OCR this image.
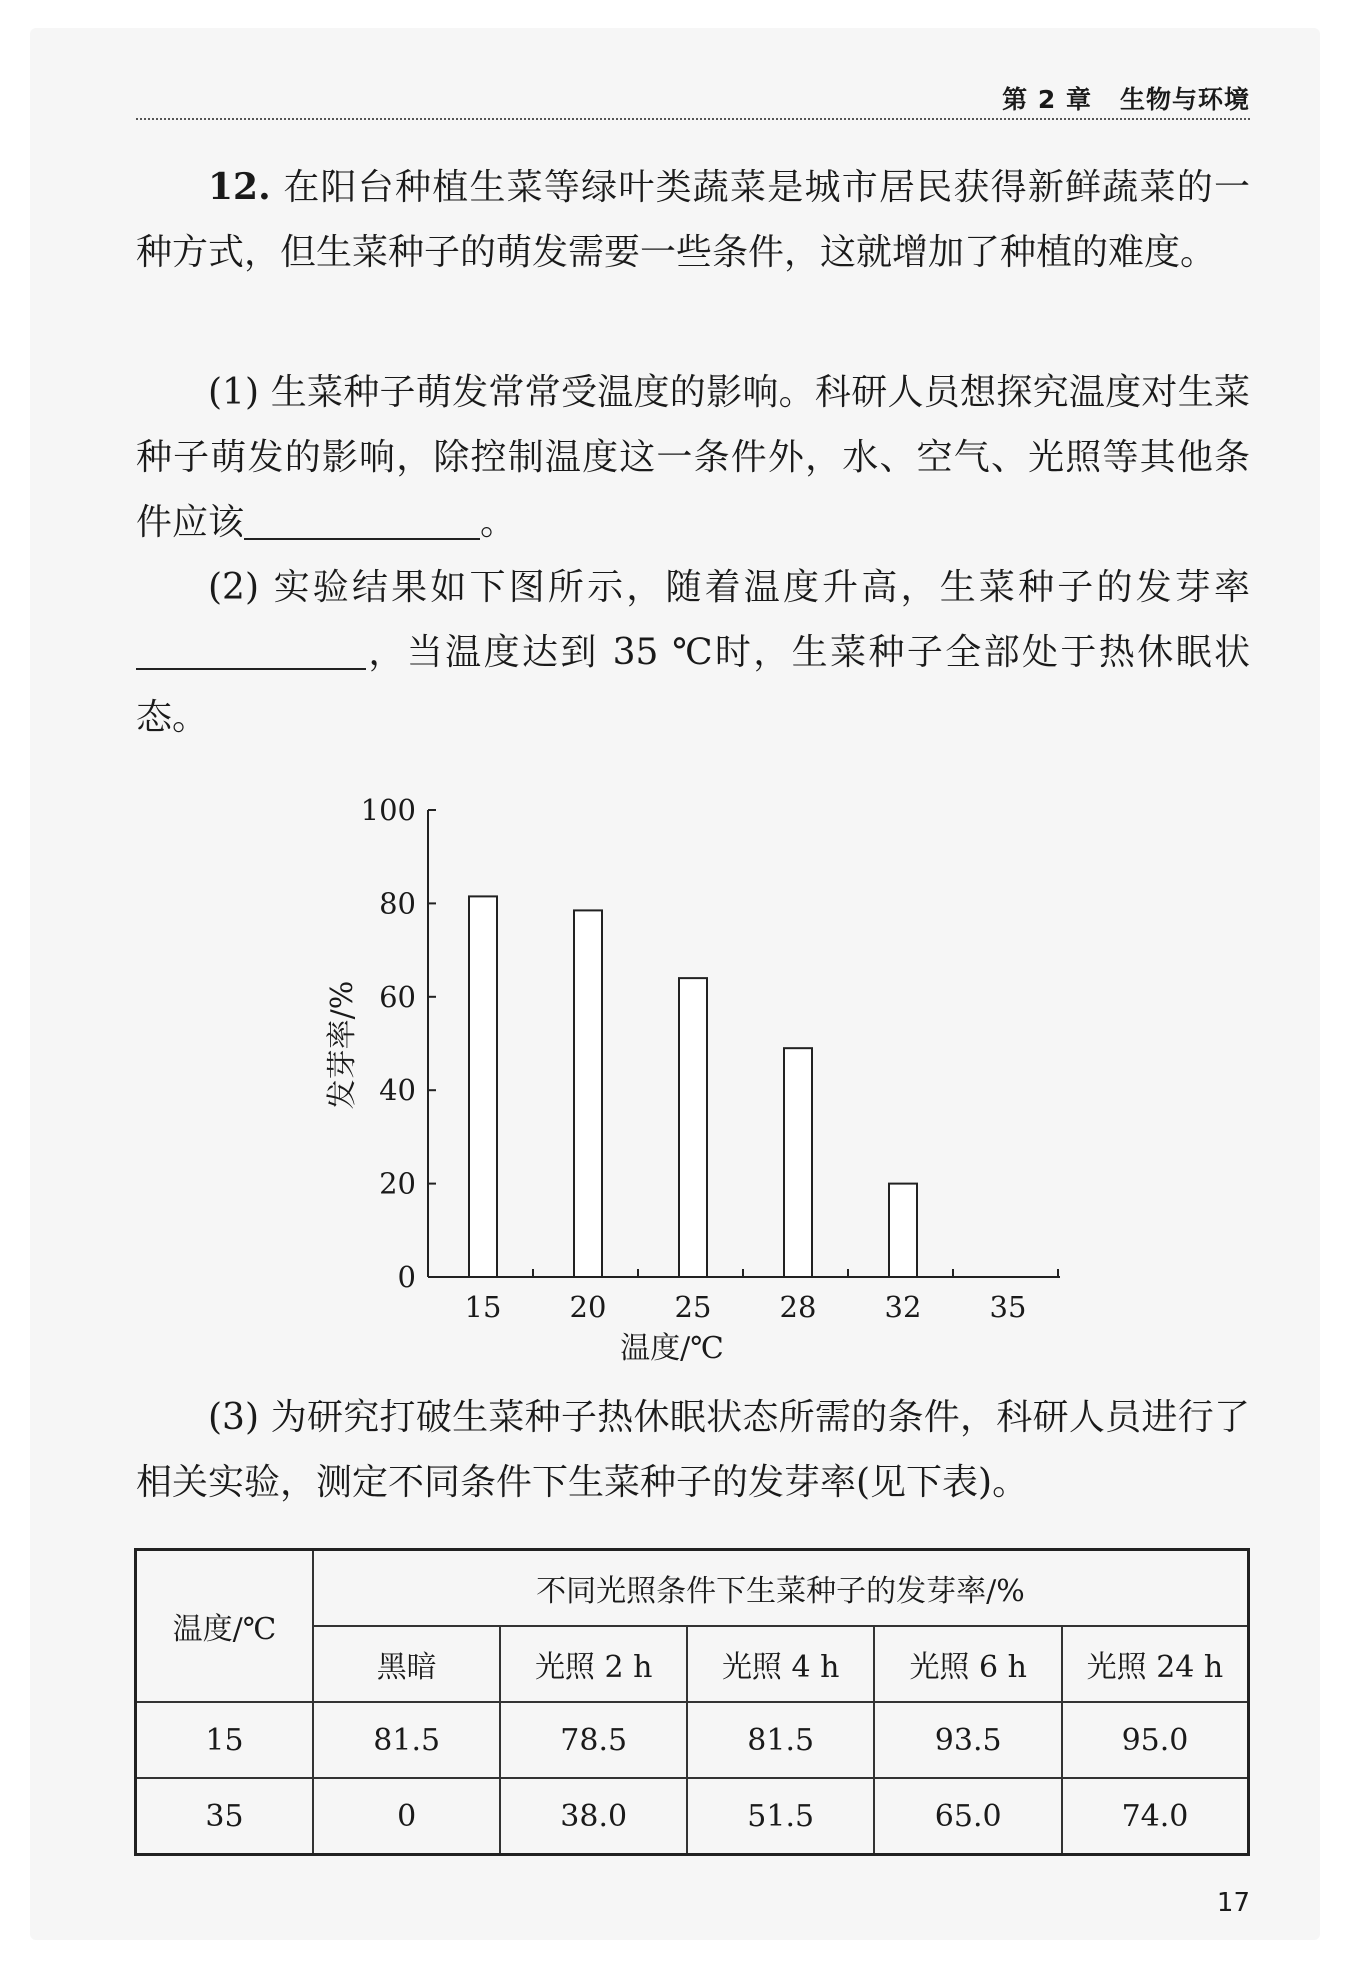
第 2 章 生物与环境
12. 在阳台种植生菜等绿叶类蔬菜是城市居民获得新鲜蔬菜的一种方式，但生菜种子的萌发需要一些条件，这就增加了种植的难度。
(1) 生菜种子萌发常常受温度的影响。科研人员想探究温度对生菜种子萌发的影响，除控制温度这一条件外，水、空气、光照等其他条件应该	。
(2) 实验结果如下图所示，随着温度升高，生菜种子的发芽率，当温度达到 35 ℃时，生菜种子全部处于热休眠状态。
0
20
40
60
80
100
15 20 25 28 32 35
温度/℃
发芽率/%
(3) 为研究打破生菜种子热休眠状态所需的条件，科研人员进行了相关实验，测定不同条件下生菜种子的发芽率(见下表)。
温度/℃	不同光照条件下生菜种子的发芽率/%				
	黑暗	光照 2 h	光照 4 h	光照 6 h	光照 24 h
15	81.5	78.5	81.5	93.5	95.0
35	0	38.0	51.5	65.0	74.0
17
